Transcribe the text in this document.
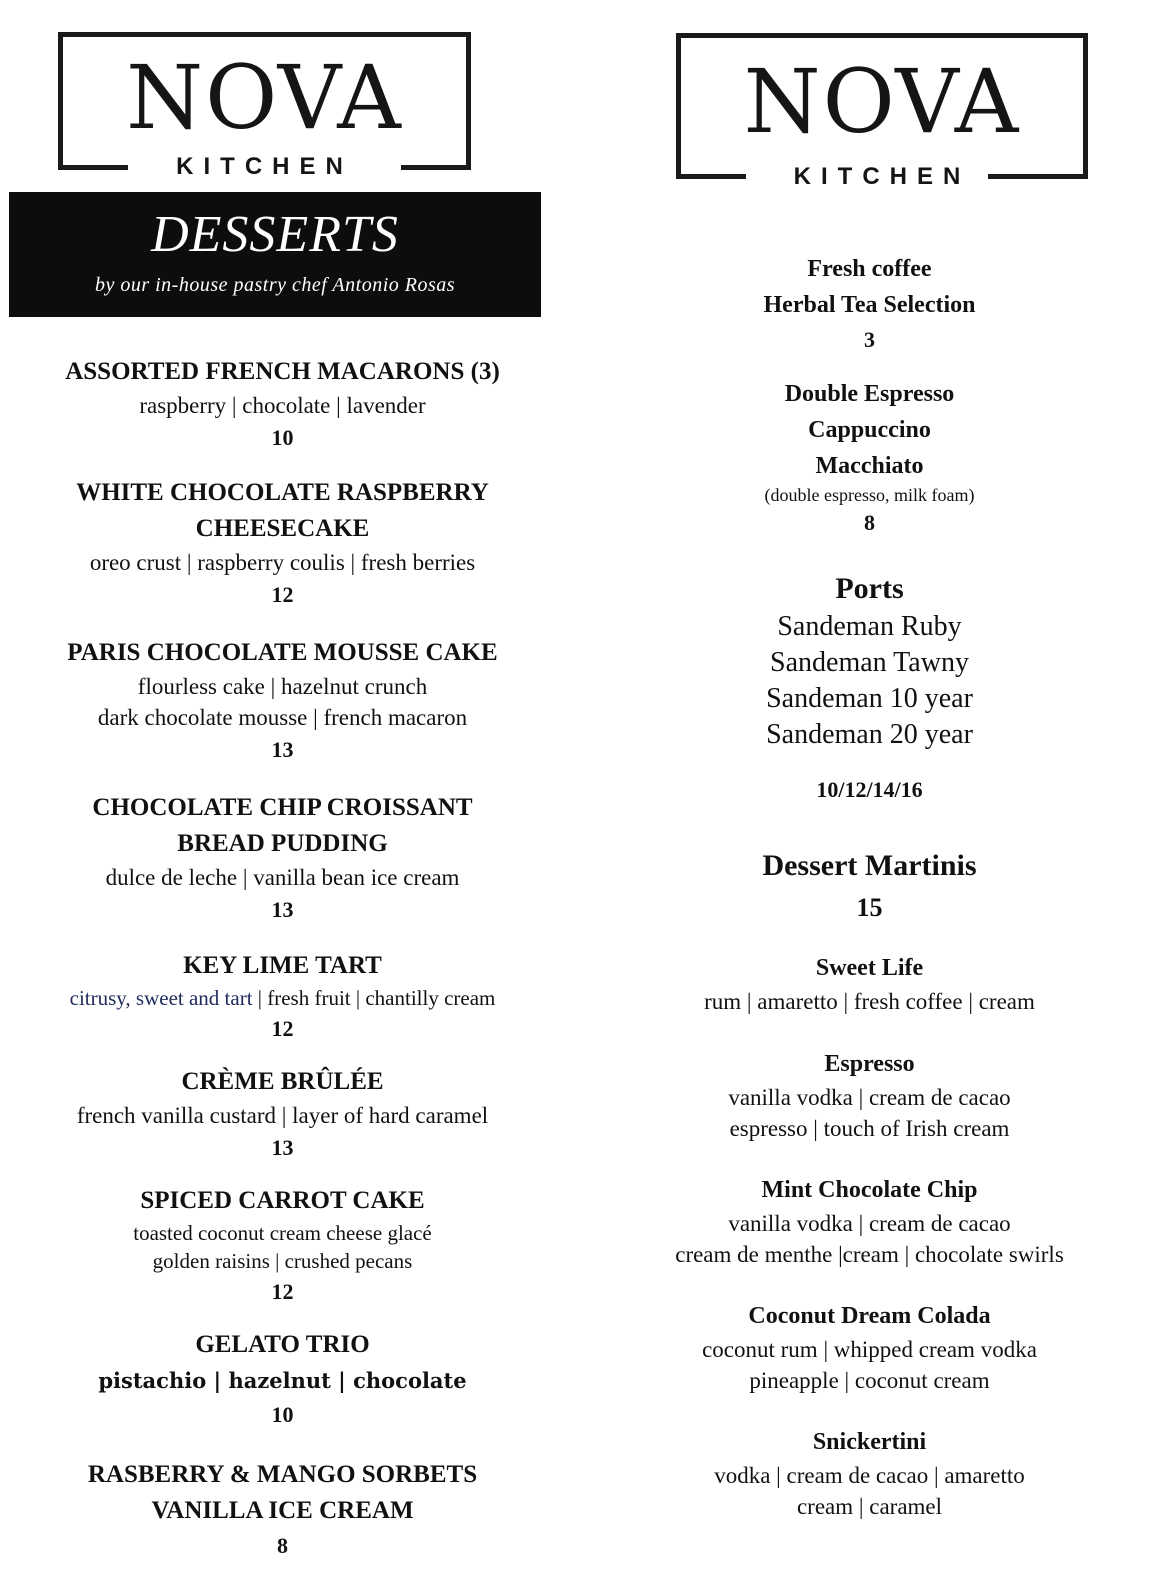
NOVA
KITCHEN
NOVA
KITCHEN
DESSERTS
by our in-house pastry chef Antonio Rosas
ASSORTED FRENCH MACARONS (3)
raspberry | chocolate | lavender
10
WHITE CHOCOLATE RASPBERRY
CHEESECAKE
oreo crust | raspberry coulis | fresh berries
12
PARIS CHOCOLATE MOUSSE CAKE
flourless cake | hazelnut crunch
dark chocolate mousse | french macaron
13
CHOCOLATE CHIP CROISSANT
BREAD PUDDING
dulce de leche | vanilla bean ice cream
13
KEY LIME TART
citrusy, sweet and tart | fresh fruit | chantilly cream
12
CRÈME BRÛLÉE
french vanilla custard | layer of hard caramel
13
SPICED CARROT CAKE
toasted coconut cream cheese glacé
golden raisins | crushed pecans
12
GELATO TRIO
pistachio | hazelnut | chocolate
10
RASBERRY & MANGO SORBETS
VANILLA ICE CREAM
8
Fresh coffee
Herbal Tea Selection
3
Double Espresso
Cappuccino
Macchiato
(double espresso, milk foam)
8
Ports
Sandeman Ruby
Sandeman Tawny
Sandeman 10 year
Sandeman 20 year
10/12/14/16
Dessert Martinis
15
Sweet Life
rum | amaretto | fresh coffee | cream
Espresso
vanilla vodka | cream de cacao
espresso | touch of Irish cream
Mint Chocolate Chip
vanilla vodka | cream de cacao
cream de menthe |cream | chocolate swirls
Coconut Dream Colada
coconut rum | whipped cream vodka
pineapple | coconut cream
Snickertini
vodka | cream de cacao | amaretto
cream | caramel
